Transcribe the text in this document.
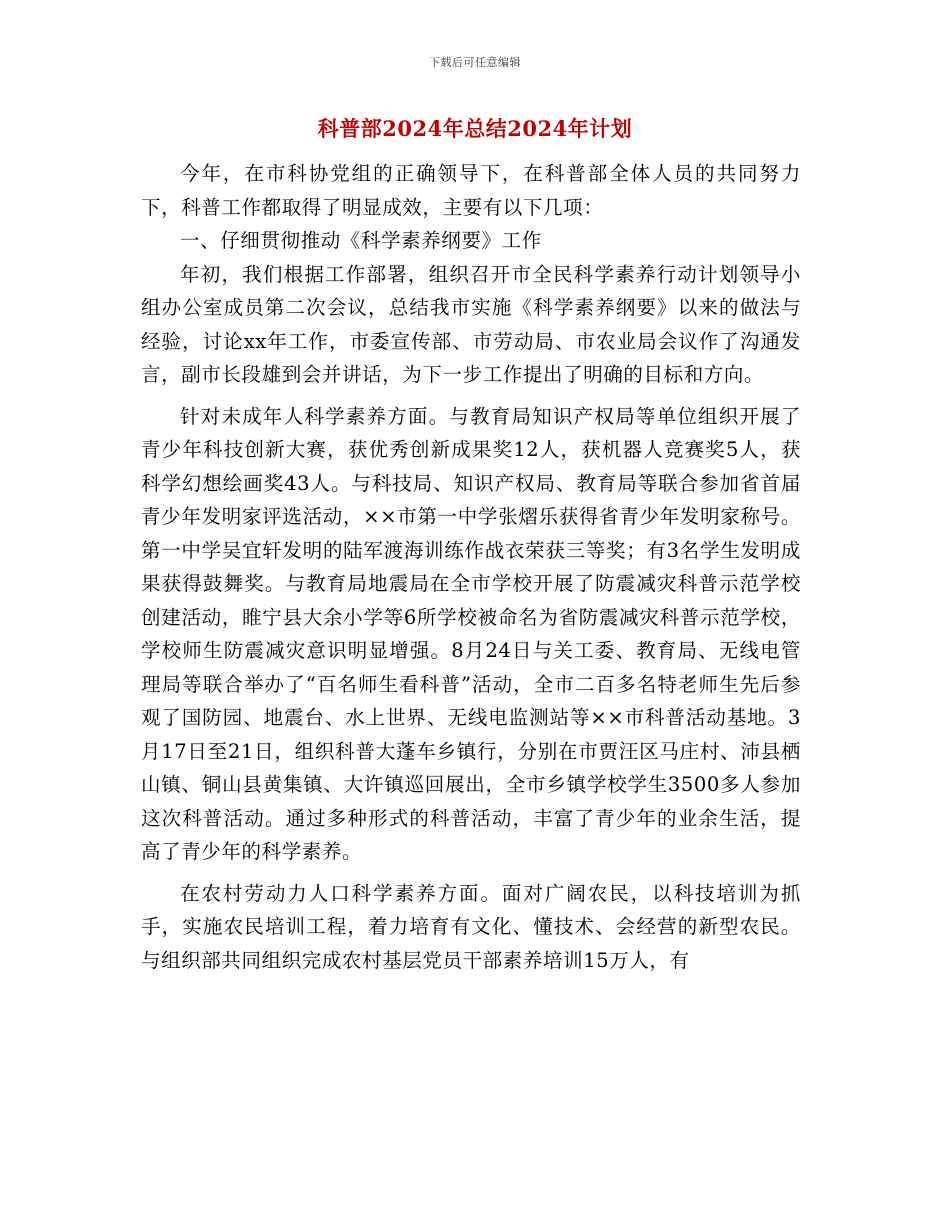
下载后可任意编辑
科普部2024年总结2024年计划

今年，在市科协党组的正确领导下，在科普部全体人员的共同努力下，科普工作都取得了明显成效，主要有以下几项：

一、仔细贯彻推动《科学素养纲要》工作

年初，我们根据工作部署，组织召开市全民科学素养行动计划领导小组办公室成员第二次会议，总结我市实施《科学素养纲要》以来的做法与经验，讨论xx年工作，市委宣传部、市劳动局、市农业局会议作了沟通发言，副市长段雄到会并讲话，为下一步工作提出了明确的目标和方向。

针对未成年人科学素养方面。与教育局知识产权局等单位组织开展了青少年科技创新大赛，获优秀创新成果奖12人，获机器人竞赛奖5人，获科学幻想绘画奖43人。与科技局、知识产权局、教育局等联合参加省首届青少年发明家评选活动，××市第一中学张熠乐获得省青少年发明家称号。第一中学吴宜轩发明的陆军渡海训练作战衣荣获三等奖；有3名学生发明成果获得鼓舞奖。与教育局地震局在全市学校开展了防震减灾科普示范学校创建活动，睢宁县大余小学等6所学校被命名为省防震减灾科普示范学校，学校师生防震减灾意识明显增强。8月24日与关工委、教育局、无线电管理局等联合举办了“百名师生看科普”活动，全市二百多名特老师生先后参观了国防园、地震台、水上世界、无线电监测站等××市科普活动基地。3月17日至21日，组织科普大蓬车乡镇行，分别在市贾汪区马庄村、沛县栖山镇、铜山县黄集镇、大许镇巡回展出，全市乡镇学校学生3500多人参加这次科普活动。通过多种形式的科普活动，丰富了青少年的业余生活，提高了青少年的科学素养。

在农村劳动力人口科学素养方面。面对广阔农民，以科技培训为抓手，实施农民培训工程，着力培育有文化、懂技术、会经营的新型农民。与组织部共同组织完成农村基层党员干部素养培训15万人，有
